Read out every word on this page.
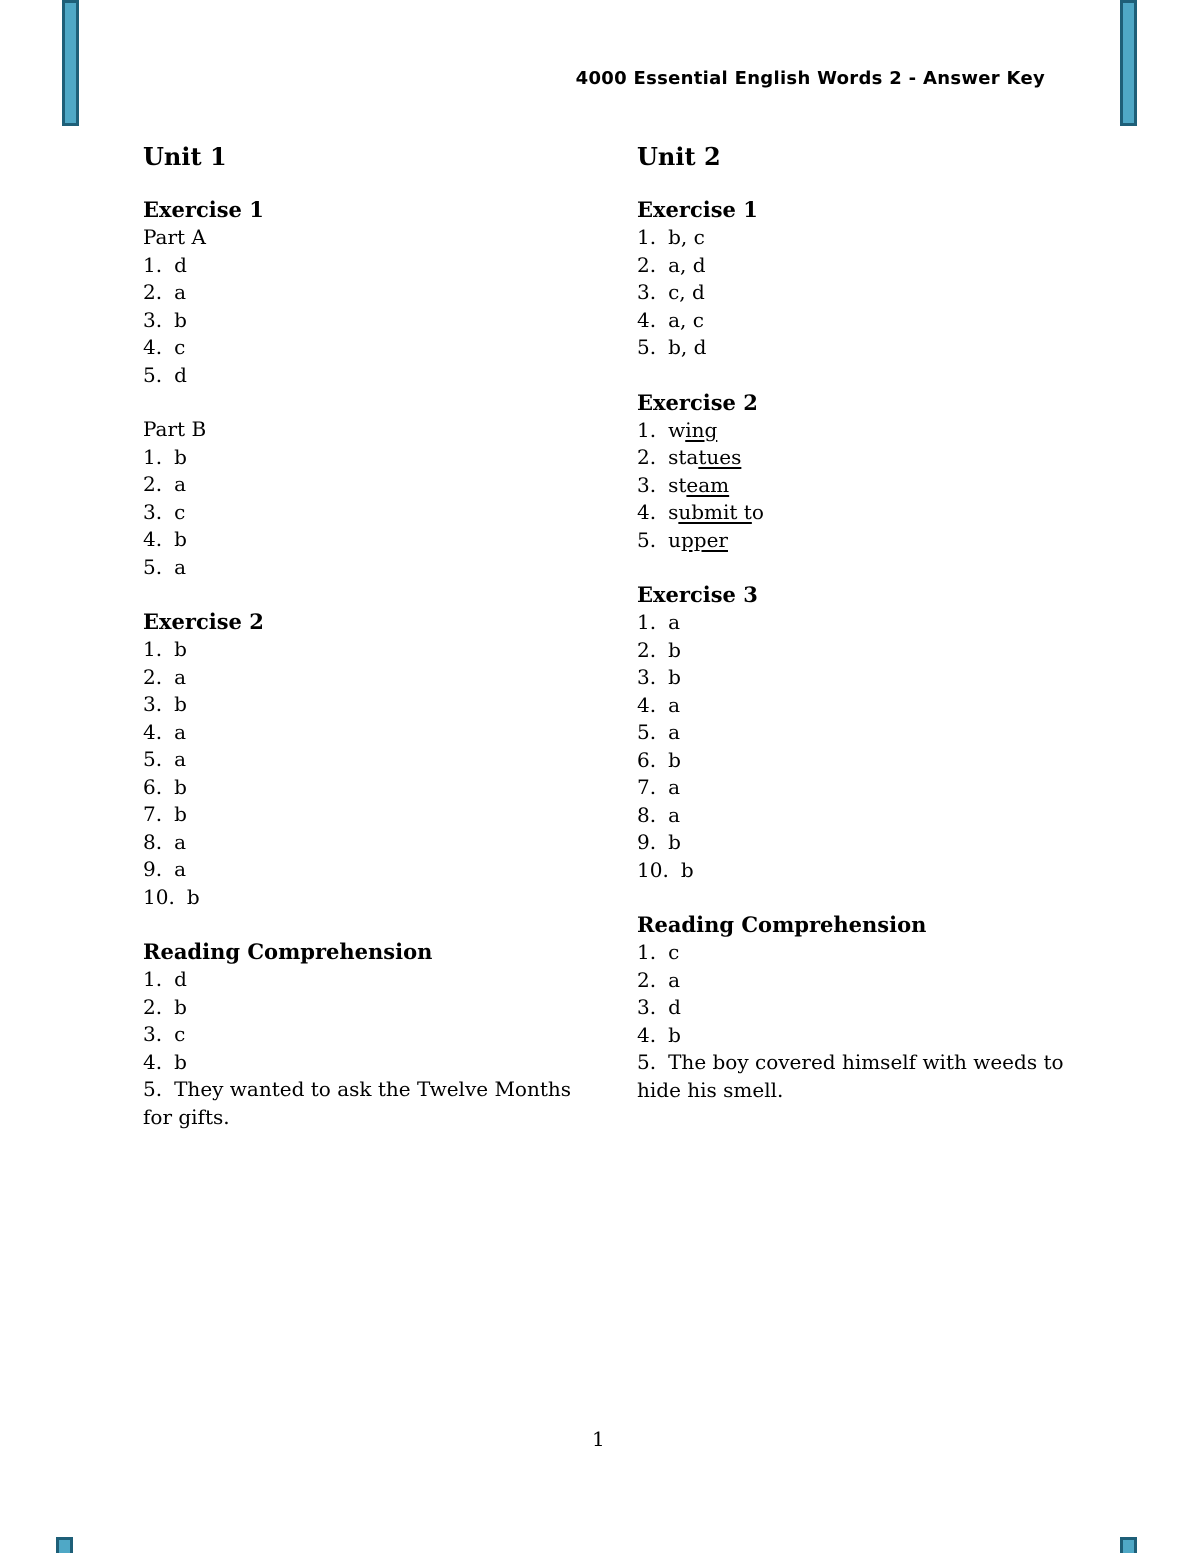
4000 Essential English Words 2 - Answer Key
Unit 1
Exercise 1
Part A
1. d
2. a
3. b
4. c
5. d
Part B
1. b
2. a
3. c
4. b
5. a
Exercise 2
1. b
2. a
3. b
4. a
5. a
6. b
7. b
8. a
9. a
10. b
Reading Comprehension
1. d
2. b
3. c
4. b
5. They wanted to ask the Twelve Months
for gifts.
Unit 2
Exercise 1
1. b, c
2. a, d
3. c, d
4. a, c
5. b, d
Exercise 2
1. wing
2. statues
3. steam
4. submit to
5. upper
Exercise 3
1. a
2. b
3. b
4. a
5. a
6. b
7. a
8. a
9. b
10. b
Reading Comprehension
1. c
2. a
3. d
4. b
5. The boy covered himself with weeds to
hide his smell.
1
